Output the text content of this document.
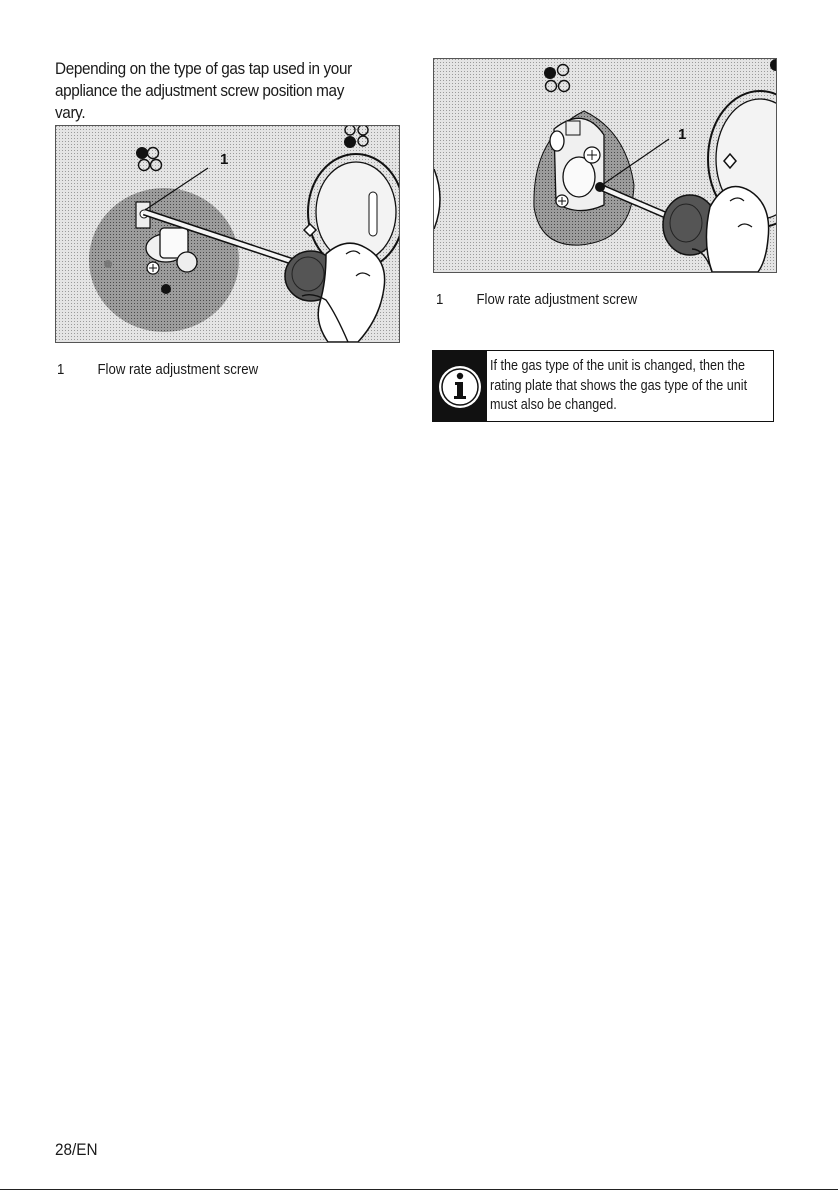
Depending on the type of gas tap used in your appliance the adjustment screw position may vary.
1
1	Flow rate adjustment screw
1
1	Flow rate adjustment screw
If the gas type of the unit is changed, then the rating plate that shows the gas type of the unit must also be changed.
28/EN
